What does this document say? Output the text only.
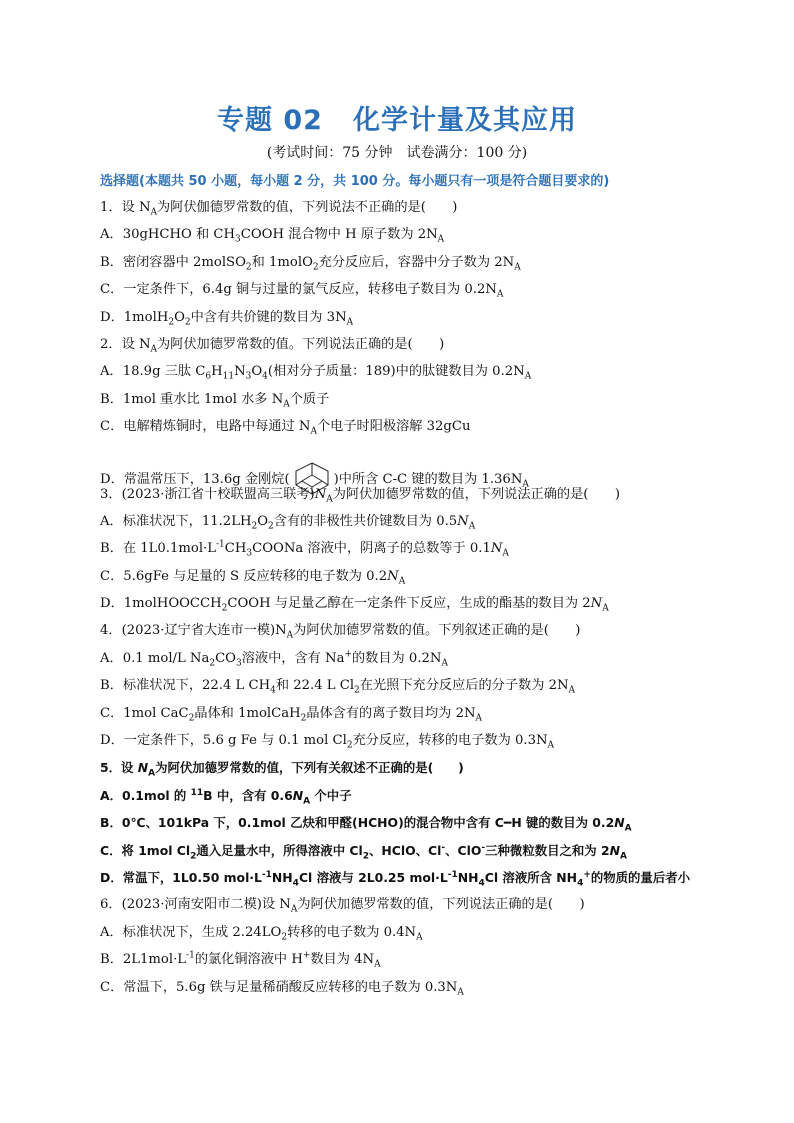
专题 02 化学计量及其应用
(考试时间：75 分钟　试卷满分：100 分)
选择题(本题共 50 小题，每小题 2 分，共 100 分。每小题只有一项是符合题目要求的)
1．设 $N_A$为阿伏伽德罗常数的值，下列说法不正确的是(　　)
A．30gHCHO 和 $CH_3COOH$ 混合物中 H 原子数为 $2N_A$
B．密闭容器中 2molSO$_2$和 1molO$_2$充分反应后，容器中分子数为 $2N_A$
C．一定条件下，6.4g 铜与过量的氯气反应，转移电子数目为 $0.2N_A$
D．$1molH_2O_2$中含有共价键的数目为 $3N_A$
2．设 $N_A$为阿伏加德罗常数的值。下列说法正确的是(　　)
A．18.9g 三肽 $C_6H_{11}N_3O_4$(相对分子质量：189)中的肽键数目为 $0.2N_A$
B．1mol 重水比 1mol 水多 $N_A$个质子
C．电解精炼铜时，电路中每通过 $N_A$个电子时阳极溶解 32gCu
D．常温常压下，13.6g 金刚烷(	)中所含 C-C 键的数目为 $1.36N_A$
3．(2023·浙江省十校联盟高三联考)$N_A$为阿伏加德罗常数的值，下列说法正确的是(　　)
A．标准状况下，$11.2LH_2O_2$含有的非极性共价键数目为 $0.5N_A$
B．在 $1L0.1mol\cdot L^{-1}CH_3COONa$ 溶液中，阴离子的总数等于 $0.1N_A$
C．5.6gFe 与足量的 S 反应转移的电子数为 $0.2N_A$
D．1molHOOCCH$_2$COOH 与足量乙醇在一定条件下反应，生成的酯基的数目为 $2N_A$
4．(2023·辽宁省大连市一模)$N_A$为阿伏加德罗常数的值。下列叙述正确的是(　　)
A．0.1 mol/L $Na_2CO_3$溶液中，含有 Na+的数目为 $0.2N_A$
B．标准状况下，22.4 L $CH_4$和 22.4 L $Cl_2$在光照下充分反应后的分子数为 $2N_A$
C．1mol CaC$_2$晶体和 1molCaH$_2$晶体含有的离子数目均为 $2N_A$
D．一定条件下，5.6 g Fe 与 0.1 mol $Cl_2$充分反应，转移的电子数为 $0.3N_A$
5．设 $N_A$为阿伏加德罗常数的值，下列有关叙述不正确的是(　　)
A．0.1mol 的 $^{11}$B 中，含有 $0.6N_A$ 个中子
B．0℃、101kPa 下，0.1mol 乙炔和甲醛(HCHO)的混合物中含有 C━H 键的数目为 $0.2N_A$
C．将 1mol $Cl_2$通入足量水中，所得溶液中 $Cl_2$、HClO、Cl-、ClO-三种微粒数目之和为 $2N_A$
D．常温下，1L0.50 $mol\cdot L^{-1}NH_4Cl$ 溶液与 2L0.25 $mol\cdot L^{-1}NH_4Cl$ 溶液所含 $NH_4^+$的物质的量后者小
6．(2023·河南安阳市二模)设 $N_A$为阿伏加德罗常数的值，下列说法正确的是(　　)
A．标准状况下，生成 $2.24LO_2$转移的电子数为 $0.4N_A$
B．$2L1mol\cdot L^{-1}$的氯化铜溶液中 H+数目为 $4N_A$
C．常温下，5.6g 铁与足量稀硝酸反应转移的电子数为 $0.3N_A$
